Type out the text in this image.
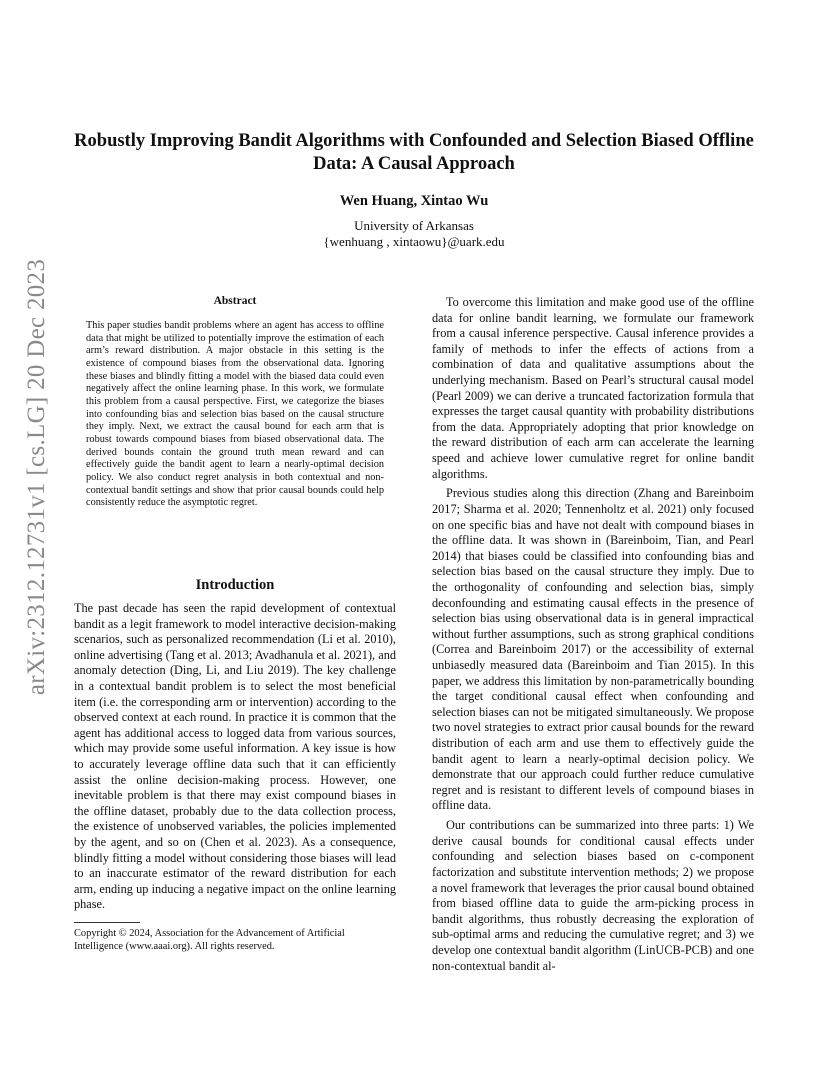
arXiv:2312.12731v1 [cs.LG] 20 Dec 2023
Robustly Improving Bandit Algorithms with Confounded and Selection Biased Offline Data: A Causal Approach
Wen Huang, Xintao Wu
University of Arkansas
{wenhuang , xintaowu}@uark.edu
Abstract

This paper studies bandit problems where an agent has access to offline data that might be utilized to potentially improve the estimation of each arm’s reward distribution. A major obstacle in this setting is the existence of compound biases from the observational data. Ignoring these biases and blindly fitting a model with the biased data could even negatively affect the online learning phase. In this work, we formulate this problem from a causal perspective. First, we categorize the biases into confounding bias and selection bias based on the causal structure they imply. Next, we extract the causal bound for each arm that is robust towards compound biases from biased observational data. The derived bounds contain the ground truth mean reward and can effectively guide the bandit agent to learn a nearly-optimal decision policy. We also conduct regret analysis in both contextual and non-contextual bandit settings and show that prior causal bounds could help consistently reduce the asymptotic regret.

Introduction

The past decade has seen the rapid development of contextual bandit as a legit framework to model interactive decision-making scenarios, such as personalized recommendation (Li et al. 2010), online advertising (Tang et al. 2013; Avadhanula et al. 2021), and anomaly detection (Ding, Li, and Liu 2019). The key challenge in a contextual bandit problem is to select the most beneficial item (i.e. the corresponding arm or intervention) according to the observed context at each round. In practice it is common that the agent has additional access to logged data from various sources, which may provide some useful information. A key issue is how to accurately leverage offline data such that it can efficiently assist the online decision-making process. However, one inevitable problem is that there may exist compound biases in the offline dataset, probably due to the data collection process, the existence of unobserved variables, the policies implemented by the agent, and so on (Chen et al. 2023). As a consequence, blindly fitting a model without considering those biases will lead to an inaccurate estimator of the reward distribution for each arm, ending up inducing a negative impact on the online learning phase.

Copyright © 2024, Association for the Advancement of Artificial Intelligence (www.aaai.org). All rights reserved.

To overcome this limitation and make good use of the offline data for online bandit learning, we formulate our framework from a causal inference perspective. Causal inference provides a family of methods to infer the effects of actions from a combination of data and qualitative assumptions about the underlying mechanism. Based on Pearl’s structural causal model (Pearl 2009) we can derive a truncated factorization formula that expresses the target causal quantity with probability distributions from the data. Appropriately adopting that prior knowledge on the reward distribution of each arm can accelerate the learning speed and achieve lower cumulative regret for online bandit algorithms.

Previous studies along this direction (Zhang and Bareinboim 2017; Sharma et al. 2020; Tennenholtz et al. 2021) only focused on one specific bias and have not dealt with compound biases in the offline data. It was shown in (Bareinboim, Tian, and Pearl 2014) that biases could be classified into confounding bias and selection bias based on the causal structure they imply. Due to the orthogonality of confounding and selection bias, simply deconfounding and estimating causal effects in the presence of selection bias using observational data is in general impractical without further assumptions, such as strong graphical conditions (Correa and Bareinboim 2017) or the accessibility of external unbiasedly measured data (Bareinboim and Tian 2015). In this paper, we address this limitation by non-parametrically bounding the target conditional causal effect when confounding and selection biases can not be mitigated simultaneously. We propose two novel strategies to extract prior causal bounds for the reward distribution of each arm and use them to effectively guide the bandit agent to learn a nearly-optimal decision policy. We demonstrate that our approach could further reduce cumulative regret and is resistant to different levels of compound biases in offline data.

Our contributions can be summarized into three parts: 1) We derive causal bounds for conditional causal effects under confounding and selection biases based on c-component factorization and substitute intervention methods; 2) we propose a novel framework that leverages the prior causal bound obtained from biased offline data to guide the arm-picking process in bandit algorithms, thus robustly decreasing the exploration of sub-optimal arms and reducing the cumulative regret; and 3) we develop one contextual bandit algorithm (LinUCB-PCB) and one non-contextual bandit al-
